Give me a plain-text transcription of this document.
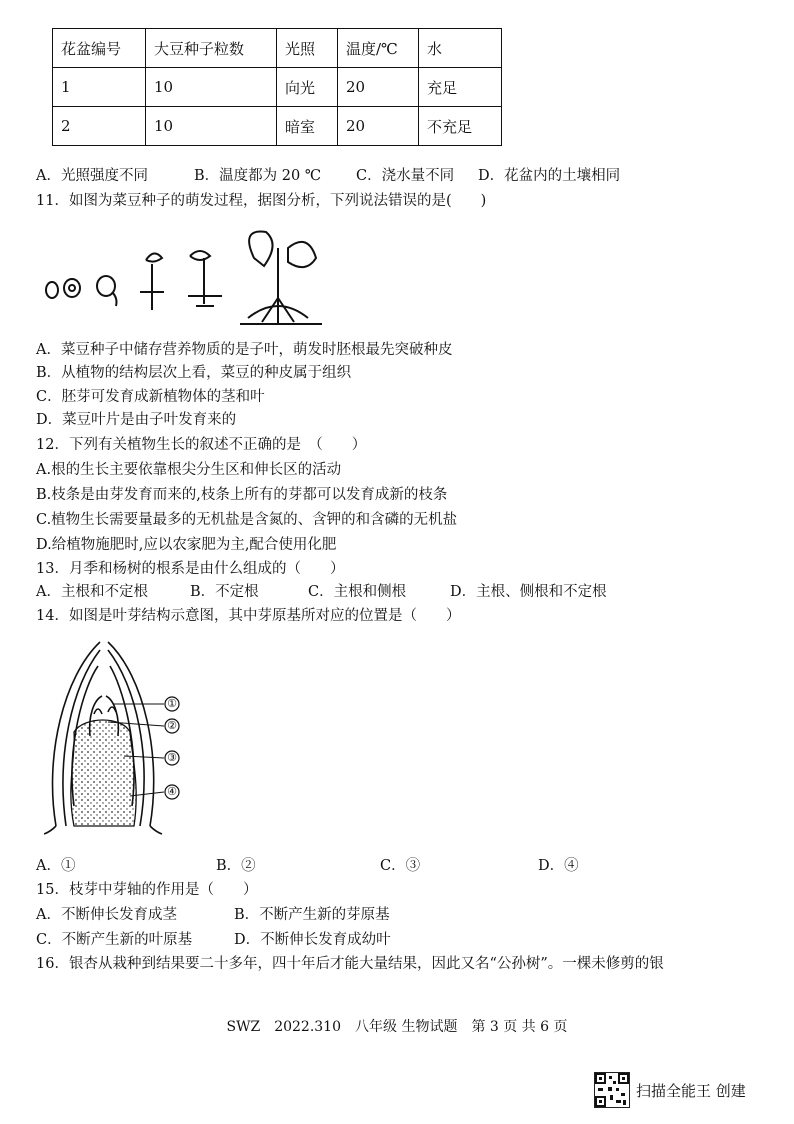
花盆编号	大豆种子粒数	光照	温度/℃	水
1	10	向光	20	充足
2	10	暗室	20	不充足
A．光照强度不同	B．温度都为 20 ℃ C．浇水量不同 D．花盆内的土壤相同
11．如图为菜豆种子的萌发过程，据图分析，下列说法错误的是(　　)
A．菜豆种子中储存营养物质的是子叶，萌发时胚根最先突破种皮
B．从植物的结构层次上看，菜豆的种皮属于组织
C．胚芽可发育成新植物体的茎和叶
D．菜豆叶片是由子叶发育来的
12．下列有关植物生长的叙述不正确的是　（　　）
A.根的生长主要依靠根尖分生区和伸长区的活动
B.枝条是由芽发育而来的,枝条上所有的芽都可以发育成新的枝条
C.植物生长需要量最多的无机盐是含氮的、含钾的和含磷的无机盐
D.给植物施肥时,应以农家肥为主,配合使用化肥
13．月季和杨树的根系是由什么组成的（　　）
A．主根和不定根	B．不定根	C．主根和侧根	D．主根、侧根和不定根
14．如图是叶芽结构示意图，其中芽原基所对应的位置是（　　）
①
②
③
④
A．①	B．②	C．③	D．④
15．枝芽中芽轴的作用是（　　）
A．不断伸长发育成茎	B．不断产生新的芽原基
C．不断产生新的叶原基	D．不断伸长发育成幼叶
16．银杏从栽种到结果要二十多年，四十年后才能大量结果，因此又名“公孙树”。一棵未修剪的银
SWZ　2022.310　八年级 生物试题　第 3 页 共 6 页
扫描全能王 创建
